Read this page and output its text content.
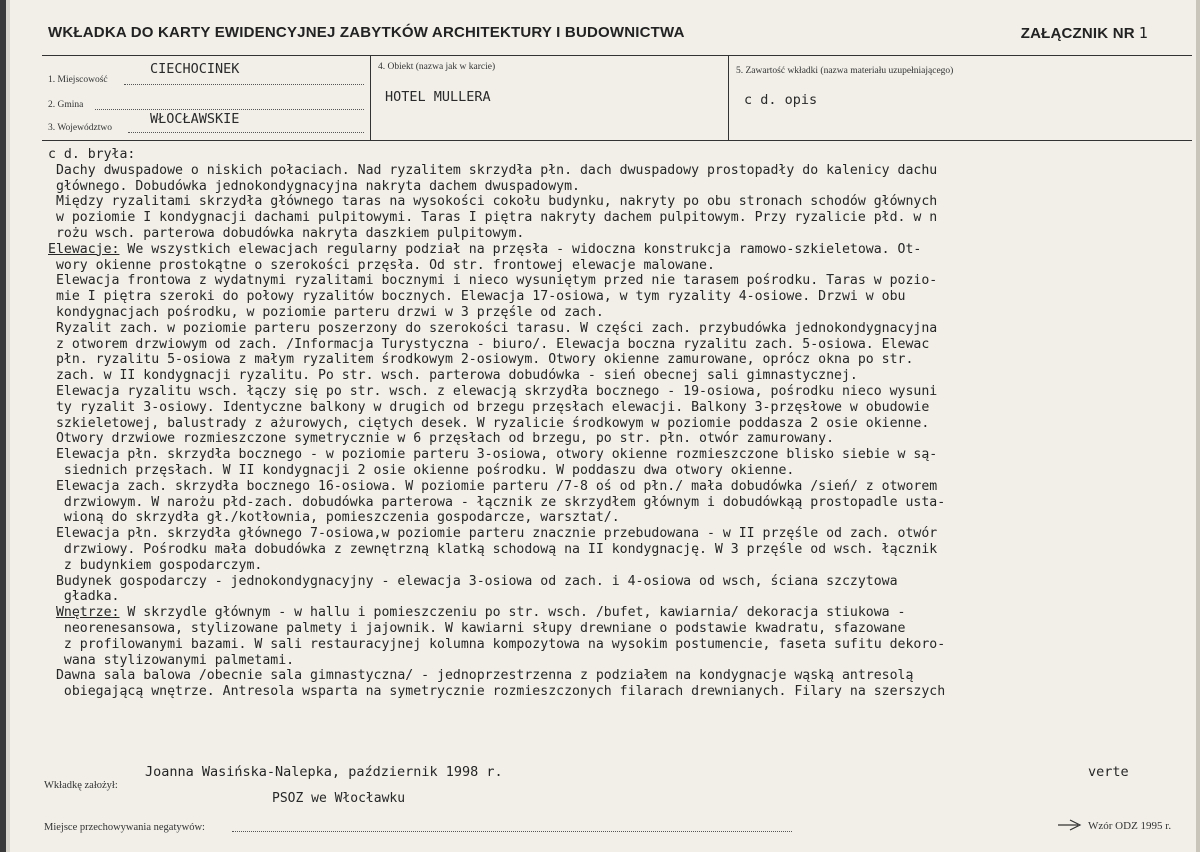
WKŁADKA DO KARTY EWIDENCYJNEJ ZABYTKÓW ARCHITEKTURY I BUDOWNICTWA	ZAŁĄCZNIK NR 1
1. Miejscowość
CIECHOCINEK
2. Gmina
3. Województwo
WŁOCŁAWSKIE
4. Obiekt (nazwa jak w karcie)
HOTEL MULLERA
5. Zawartość wkładki (nazwa materiału uzupełniającego)
c d. opis
c d. bryła:
Dachy dwuspadowe o niskich połaciach. Nad ryzalitem skrzydła płn. dach dwuspadowy prostopadły do kalenicy dachu
głównego. Dobudówka jednokondygnacyjna nakryta dachem dwuspadowym.
Między ryzalitami skrzydła głównego taras na wysokości cokołu budynku, nakryty po obu stronach schodów głównych
w poziomie I kondygnacji dachami pulpitowymi. Taras I piętra nakryty dachem pulpitowym. Przy ryzalicie płd. w n
rożu wsch. parterowa dobudówka nakryta daszkiem pulpitowym.
Elewacje: We wszystkich elewacjach regularny podział na przęsła - widoczna konstrukcja ramowo-szkieletowa. Ot-
wory okienne prostokątne o szerokości przęsła. Od str. frontowej elewacje malowane.
Elewacja frontowa z wydatnymi ryzalitami bocznymi i nieco wysuniętym przed nie tarasem pośrodku. Taras w pozio-
mie I piętra szeroki do połowy ryzalitów bocznych. Elewacja 17-osiowa, w tym ryzality 4-osiowe. Drzwi w obu
kondygnacjach pośrodku, w poziomie parteru drzwi w 3 przęśle od zach.
Ryzalit zach. w poziomie parteru poszerzony do szerokości tarasu. W części zach. przybudówka jednokondygnacyjna
z otworem drzwiowym od zach. /Informacja Turystyczna - biuro/. Elewacja boczna ryzalitu zach. 5-osiowa. Elewac
płn. ryzalitu 5-osiowa z małym ryzalitem środkowym 2-osiowym. Otwory okienne zamurowane, oprócz okna po str.
zach. w II kondygnacji ryzalitu. Po str. wsch. parterowa dobudówka - sień obecnej sali gimnastycznej.
Elewacja ryzalitu wsch. łączy się po str. wsch. z elewacją skrzydła bocznego - 19-osiowa, pośrodku nieco wysuni
ty ryzalit 3-osiowy. Identyczne balkony w drugich od brzegu przęsłach elewacji. Balkony 3-przęsłowe w obudowie
szkieletowej, balustrady z ażurowych, ciętych desek. W ryzalicie środkowym w poziomie poddasza 2 osie okienne.
Otwory drzwiowe rozmieszczone symetrycznie w 6 przęsłach od brzegu, po str. płn. otwór zamurowany.
Elewacja płn. skrzydła bocznego - w poziomie parteru 3-osiowa, otwory okienne rozmieszczone blisko siebie w są-
siednich przęsłach. W II kondygnacji 2 osie okienne pośrodku. W poddaszu dwa otwory okienne.
Elewacja zach. skrzydła bocznego 16-osiowa. W poziomie parteru /7-8 oś od płn./ mała dobudówka /sień/ z otworem
drzwiowym. W narożu płd-zach. dobudówka parterowa - łącznik ze skrzydłem głównym i dobudówkąą prostopadle usta-
wioną do skrzydła gł./kotłownia, pomieszczenia gospodarcze, warsztat/.
Elewacja płn. skrzydła głównego 7-osiowa,w poziomie parteru znacznie przebudowana - w II przęśle od zach. otwór
drzwiowy. Pośrodku mała dobudówka z zewnętrzną klatką schodową na II kondygnację. W 3 przęśle od wsch. łącznik
z budynkiem gospodarczym.
Budynek gospodarczy - jednokondygnacyjny - elewacja 3-osiowa od zach. i 4-osiowa od wsch, ściana szczytowa
gładka.
Wnętrze: W skrzydle głównym - w hallu i pomieszczeniu po str. wsch. /bufet, kawiarnia/ dekoracja stiukowa -
neorenesansowa, stylizowane palmety i jajownik. W kawiarni słupy drewniane o podstawie kwadratu, sfazowane
z profilowanymi bazami. W sali restauracyjnej kolumna kompozytowa na wysokim postumencie, faseta sufitu dekoro-
wana stylizowanymi palmetami.
Dawna sala balowa /obecnie sala gimnastyczna/ - jednoprzestrzenna z podziałem na kondygnacje wąską antresolą
obiegającą wnętrze. Antresola wsparta na symetrycznie rozmieszczonych filarach drewnianych. Filary na szerszych
Wkładkę założył:
Joanna Wasińska-Nalepka, październik 1998 r.	verte
PSOZ we Włocławku
Miejsce przechowywania negatywów:	Wzór ODZ 1995 r.
